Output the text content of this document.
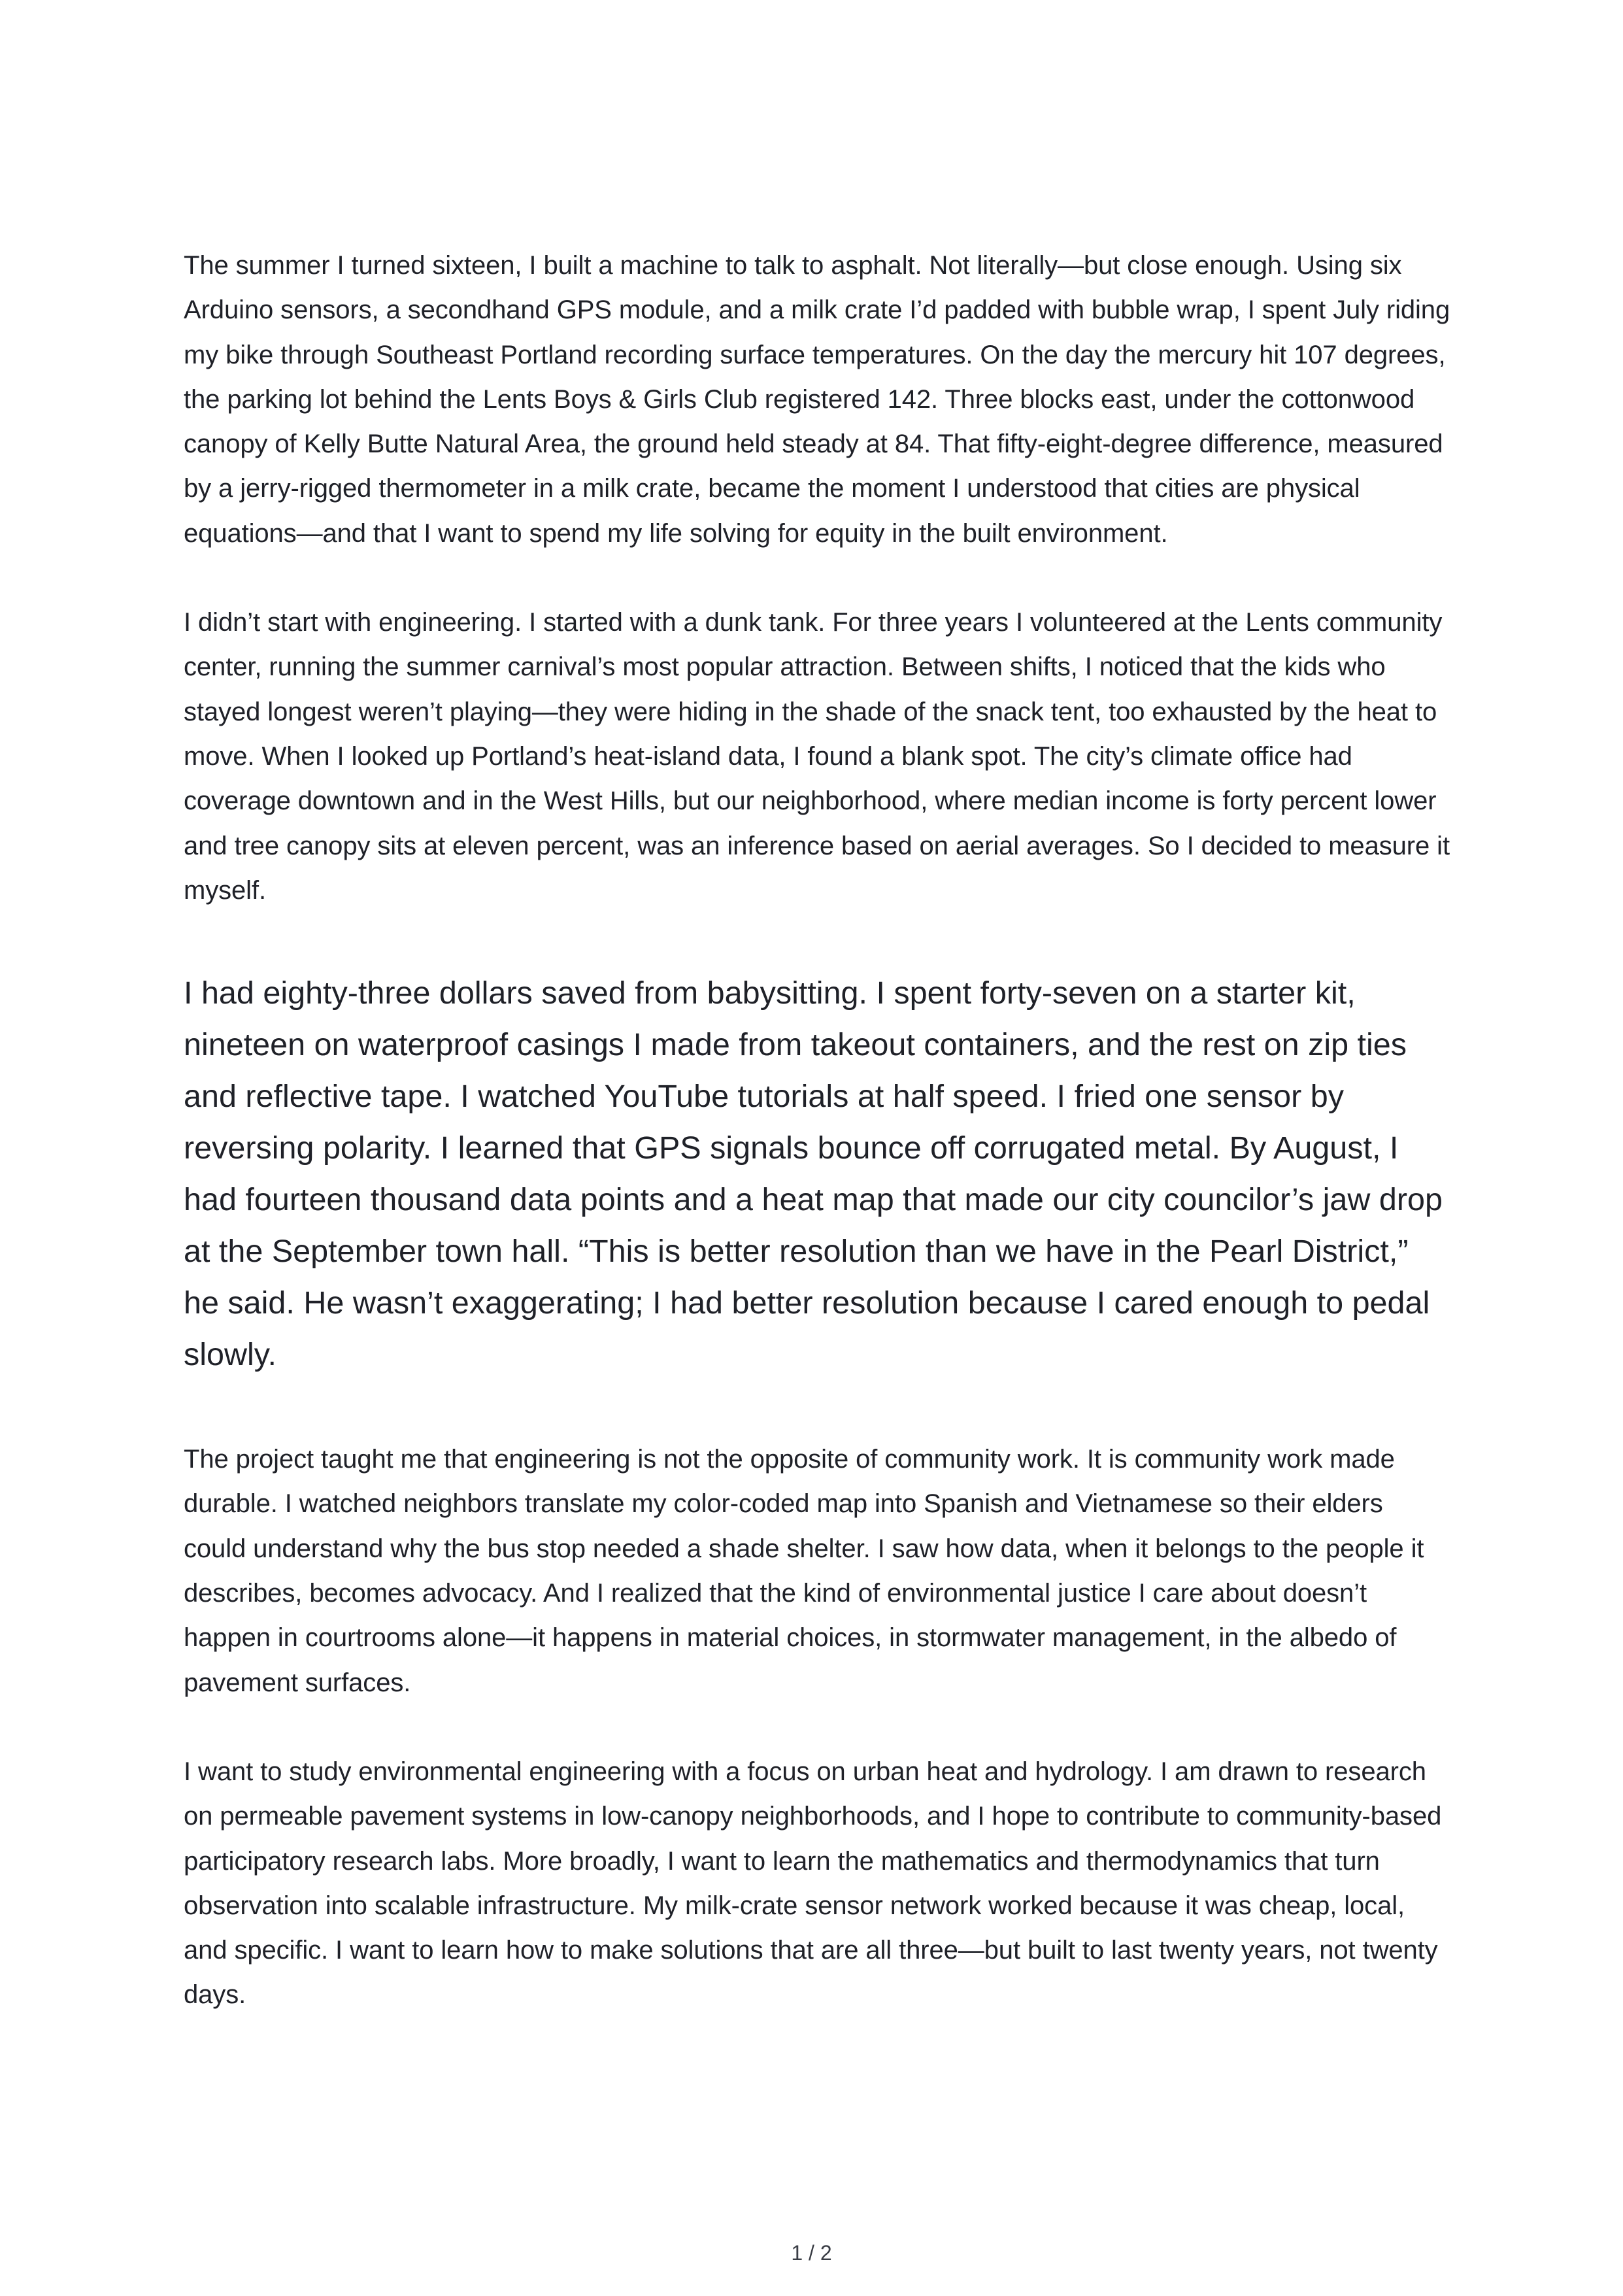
The summer I turned sixteen, I built a machine to talk to asphalt. Not literally—but close enough. Using six Arduino sensors, a secondhand GPS module, and a milk crate I’d padded with bubble wrap, I spent July riding my bike through Southeast Portland recording surface temperatures. On the day the mercury hit 107 degrees, the parking lot behind the Lents Boys & Girls Club registered 142. Three blocks east, under the cottonwood canopy of Kelly Butte Natural Area, the ground held steady at 84. That fifty-eight-degree difference, measured by a jerry-rigged thermometer in a milk crate, became the moment I understood that cities are physical equations—and that I want to spend my life solving for equity in the built environment.

I didn’t start with engineering. I started with a dunk tank. For three years I volunteered at the Lents community center, running the summer carnival’s most popular attraction. Between shifts, I noticed that the kids who stayed longest weren’t playing—they were hiding in the shade of the snack tent, too exhausted by the heat to move. When I looked up Portland’s heat-island data, I found a blank spot. The city’s climate office had coverage downtown and in the West Hills, but our neighborhood, where median income is forty percent lower and tree canopy sits at eleven percent, was an inference based on aerial averages. So I decided to measure it myself.

I had eighty-three dollars saved from babysitting. I spent forty-seven on a starter kit, nineteen on waterproof casings I made from takeout containers, and the rest on zip ties and reflective tape. I watched YouTube tutorials at half speed. I fried one sensor by reversing polarity. I learned that GPS signals bounce off corrugated metal. By August, I had fourteen thousand data points and a heat map that made our city councilor’s jaw drop at the September town hall. “This is better resolution than we have in the Pearl District,” he said. He wasn’t exaggerating; I had better resolution because I cared enough to pedal slowly.

The project taught me that engineering is not the opposite of community work. It is community work made durable. I watched neighbors translate my color-coded map into Spanish and Vietnamese so their elders could understand why the bus stop needed a shade shelter. I saw how data, when it belongs to the people it describes, becomes advocacy. And I realized that the kind of environmental justice I care about doesn’t happen in courtrooms alone—it happens in material choices, in stormwater management, in the albedo of pavement surfaces.

I want to study environmental engineering with a focus on urban heat and hydrology. I am drawn to research on permeable pavement systems in low-canopy neighborhoods, and I hope to contribute to community-based participatory research labs. More broadly, I want to learn the mathematics and thermodynamics that turn observation into scalable infrastructure. My milk-crate sensor network worked because it was cheap, local, and specific. I want to learn how to make solutions that are all three—but built to last twenty years, not twenty days.

1 / 2
